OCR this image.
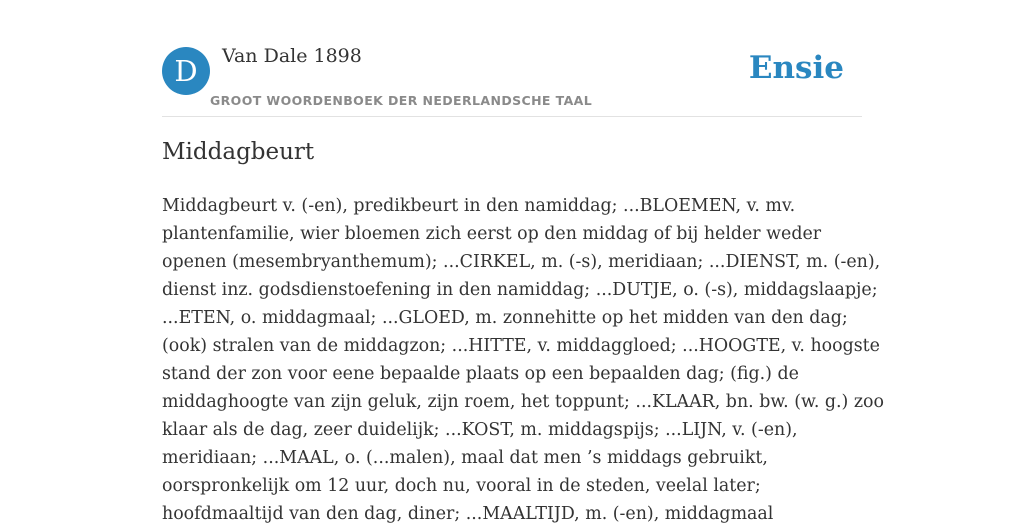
D	Van Dale 1898
GROOT WOORDENBOEK DER NEDERLANDSCHE TAAL
Ensie
Middagbeurt
Middagbeurt v. (-en), predikbeurt in den namiddag; ...BLOEMEN, v. mv.
plantenfamilie, wier bloemen zich eerst op den middag of bij helder weder
openen (mesembryanthemum); ...CIRKEL, m. (-s), meridiaan; ...DIENST, m. (-en),
dienst inz. godsdienstoefening in den namiddag; ...DUTJE, o. (-s), middagslaapje;
...ETEN, o. middagmaal; ...GLOED, m. zonnehitte op het midden van den dag;
(ook) stralen van de middagzon; ...HITTE, v. middaggloed; ...HOOGTE, v. hoogste
stand der zon voor eene bepaalde plaats op een bepaalden dag; (fig.) de
middaghoogte van zijn geluk, zijn roem, het toppunt; ...KLAAR, bn. bw. (w. g.) zoo
klaar als de dag, zeer duidelijk; ...KOST, m. middagspijs; ...LIJN, v. (-en),
meridiaan; ...MAAL, o. (...malen), maal dat men ’s middags gebruikt,
oorspronkelijk om 12 uur, doch nu, vooral in de steden, veelal later;
hoofdmaaltijd van den dag, diner; ...MAALTIJD, m. (-en), middagmaal
